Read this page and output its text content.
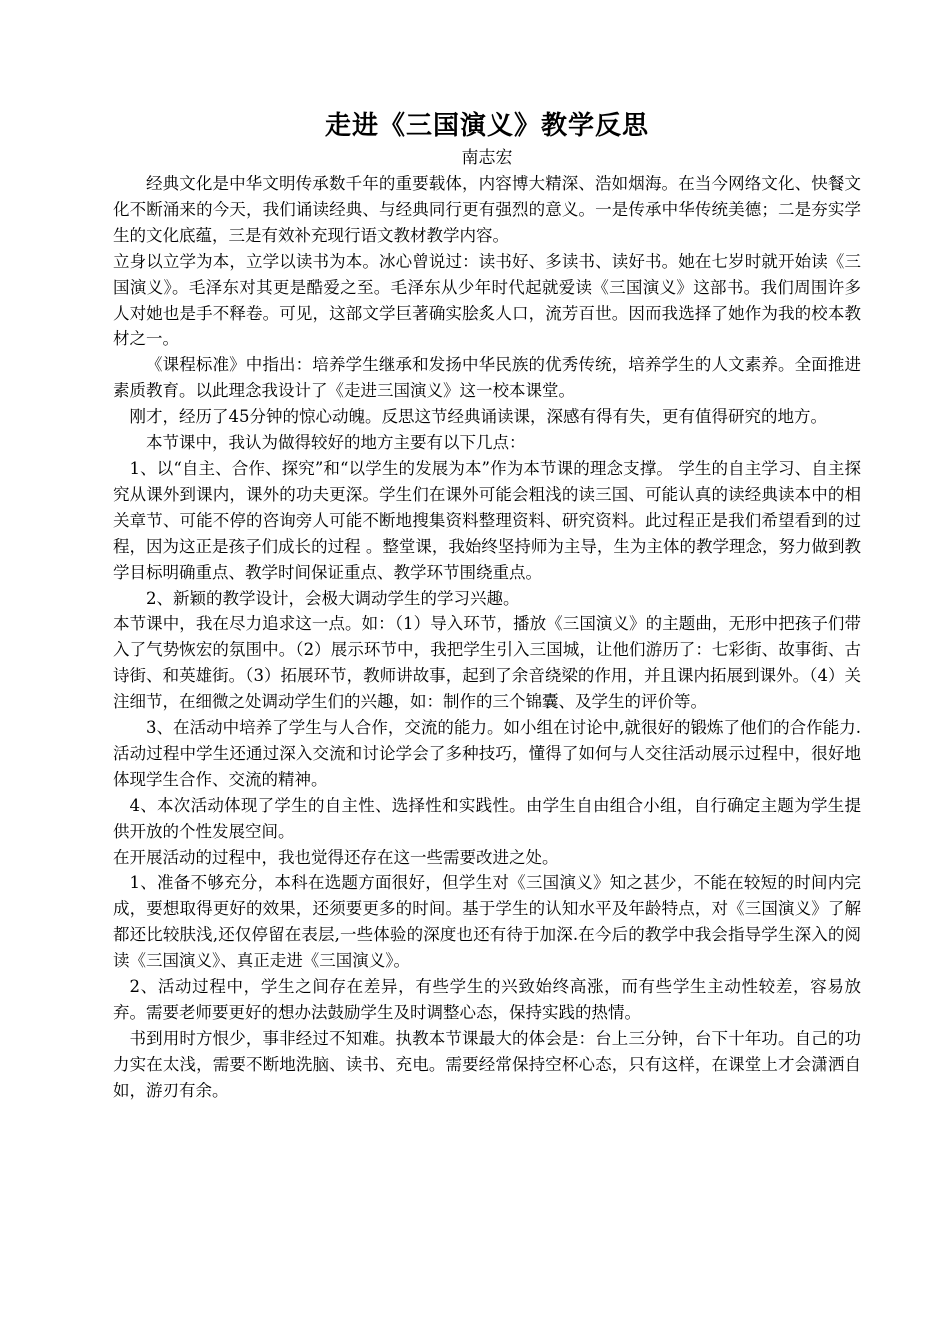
走进《三国演义》教学反思
南志宏

经典文化是中华文明传承数千年的重要载体，内容博大精深、浩如烟海。在当今网络文化、快餐文化不断涌来的今天，我们诵读经典、与经典同行更有强烈的意义。一是传承中华传统美德；二是夯实学生的文化底蕴，三是有效补充现行语文教材教学内容。

立身以立学为本，立学以读书为本。冰心曾说过：读书好、多读书、读好书。她在七岁时就开始读《三国演义》。毛泽东对其更是酷爱之至。毛泽东从少年时代起就爱读《三国演义》这部书。我们周围许多人对她也是手不释卷。可见，这部文学巨著确实脍炙人口，流芳百世。因而我选择了她作为我的校本教材之一。

《课程标准》中指出：培养学生继承和发扬中华民族的优秀传统，培养学生的人文素养。全面推进素质教育。以此理念我设计了《走进三国演义》这一校本课堂。

刚才，经历了45分钟的惊心动魄。反思这节经典诵读课，深感有得有失，更有值得研究的地方。

本节课中，我认为做得较好的地方主要有以下几点：

1、以“自主、合作、探究”和“以学生的发展为本”作为本节课的理念支撑。 学生的自主学习、自主探究从课外到课内，课外的功夫更深。学生们在课外可能会粗浅的读三国、可能认真的读经典读本中的相关章节、可能不停的咨询旁人可能不断地搜集资料整理资料、研究资料。此过程正是我们希望看到的过程，因为这正是孩子们成长的过程 。整堂课，我始终坚持师为主导，生为主体的教学理念，努力做到教学目标明确重点、教学时间保证重点、教学环节围绕重点。

2、新颖的教学设计，会极大调动学生的学习兴趣。

本节课中，我在尽力追求这一点。如：（1）导入环节，播放《三国演义》的主题曲，无形中把孩子们带入了气势恢宏的氛围中。（2）展示环节中，我把学生引入三国城，让他们游历了：七彩街、故事街、古诗街、和英雄街。（3）拓展环节，教师讲故事，起到了余音绕梁的作用，并且课内拓展到课外。（4）关注细节，在细微之处调动学生们的兴趣，如：制作的三个锦囊、及学生的评价等。

3、在活动中培养了学生与人合作，交流的能力。如小组在讨论中,就很好的锻炼了他们的合作能力.活动过程中学生还通过深入交流和讨论学会了多种技巧，懂得了如何与人交往活动展示过程中，很好地体现学生合作、交流的精神。

4、本次活动体现了学生的自主性、选择性和实践性。由学生自由组合小组，自行确定主题为学生提供开放的个性发展空间。

在开展活动的过程中，我也觉得还存在这一些需要改进之处。

1、准备不够充分，本科在选题方面很好，但学生对《三国演义》知之甚少，不能在较短的时间内完成，要想取得更好的效果，还须要更多的时间。基于学生的认知水平及年龄特点，对《三国演义》了解都还比较肤浅,还仅停留在表层,一些体验的深度也还有待于加深.在今后的教学中我会指导学生深入的阅读《三国演义》、真正走进《三国演义》。

2、活动过程中，学生之间存在差异，有些学生的兴致始终高涨，而有些学生主动性较差，容易放弃。需要老师要更好的想办法鼓励学生及时调整心态，保持实践的热情。

书到用时方恨少，事非经过不知难。执教本节课最大的体会是：台上三分钟，台下十年功。自己的功力实在太浅，需要不断地洗脑、读书、充电。需要经常保持空杯心态，只有这样，在课堂上才会潇洒自如，游刃有余。
